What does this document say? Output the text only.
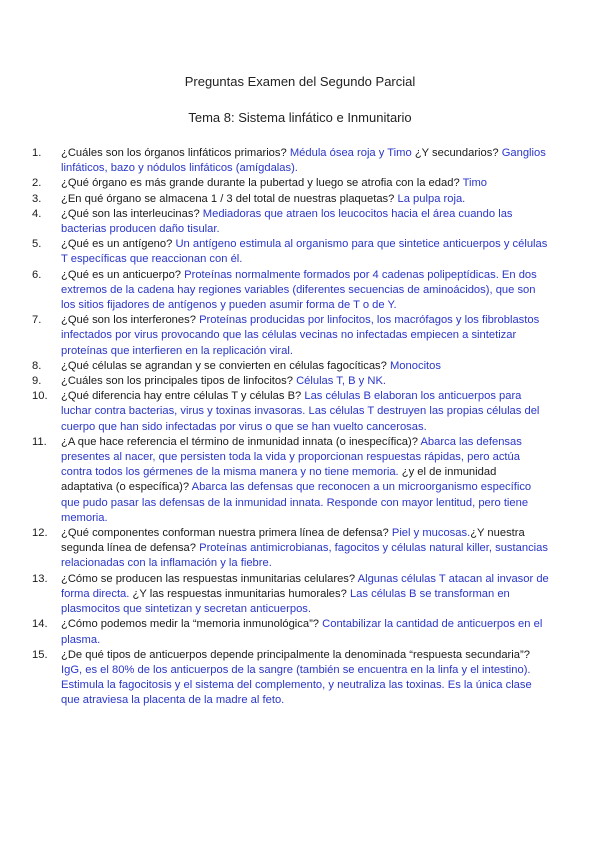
Preguntas Examen del Segundo Parcial
Tema 8: Sistema linfático e Inmunitario
1.	¿Cuáles son los órganos linfáticos primarios? Médula ósea roja y Timo ¿Y secundarios? Ganglios linfáticos, bazo y nódulos linfáticos (amígdalas).
2.	¿Qué órgano es más grande durante la pubertad y luego se atrofia con la edad? Timo
3.	¿En qué órgano se almacena 1 / 3 del total de nuestras plaquetas? La pulpa roja.
4.	¿Qué son las interleucinas? Mediadoras que atraen los leucocitos hacia el área cuando las bacterias producen daño tisular.
5.	¿Qué es un antígeno? Un antígeno estimula al organismo para que sintetice anticuerpos y células T específicas que reaccionan con él.
6.	¿Qué es un anticuerpo? Proteínas normalmente formados por 4 cadenas polipeptídicas. En dos extremos de la cadena hay regiones variables (diferentes secuencias de aminoácidos), que son los sitios fijadores de antígenos y pueden asumir forma de T o de Y.
7.	¿Qué son los interferones? Proteínas producidas por linfocitos, los macrófagos y los fibroblastos infectados por virus provocando que las células vecinas no infectadas empiecen a sintetizar proteínas que interfieren en la replicación viral.
8.	¿Qué células se agrandan y se convierten en células fagocíticas? Monocitos
9.	¿Cuáles son los principales tipos de linfocitos? Células T, B y NK.
10.	¿Qué diferencia hay entre células T y células B? Las células B elaboran los anticuerpos para luchar contra bacterias, virus y toxinas invasoras. Las células T destruyen las propias células del cuerpo que han sido infectadas por virus o que se han vuelto cancerosas.
11.	¿A que hace referencia el término de inmunidad innata (o inespecífica)? Abarca las defensas presentes al nacer, que persisten toda la vida y proporcionan respuestas rápidas, pero actúa contra todos los gérmenes de la misma manera y no tiene memoria. ¿y el de inmunidad adaptativa (o específica)? Abarca las defensas que reconocen a un microorganismo específico que pudo pasar las defensas de la inmunidad innata. Responde con mayor lentitud, pero tiene memoria.
12.	¿Qué componentes conforman nuestra primera línea de defensa? Piel y mucosas.¿Y nuestra segunda línea de defensa? Proteínas antimicrobianas, fagocitos y células natural killer, sustancias relacionadas con la inflamación y la fiebre.
13.	¿Cómo se producen las respuestas inmunitarias celulares? Algunas células T atacan al invasor de forma directa. ¿Y las respuestas inmunitarias humorales? Las células B se transforman en plasmocitos que sintetizan y secretan anticuerpos.
14.	¿Cómo podemos medir la “memoria inmunológica”? Contabilizar la cantidad de anticuerpos en el plasma.
15.	¿De qué tipos de anticuerpos depende principalmente la denominada “respuesta secundaria”? IgG, es el 80% de los anticuerpos de la sangre (también se encuentra en la linfa y el intestino). Estimula la fagocitosis y el sistema del complemento, y neutraliza las toxinas. Es la única clase que atraviesa la placenta de la madre al feto.
